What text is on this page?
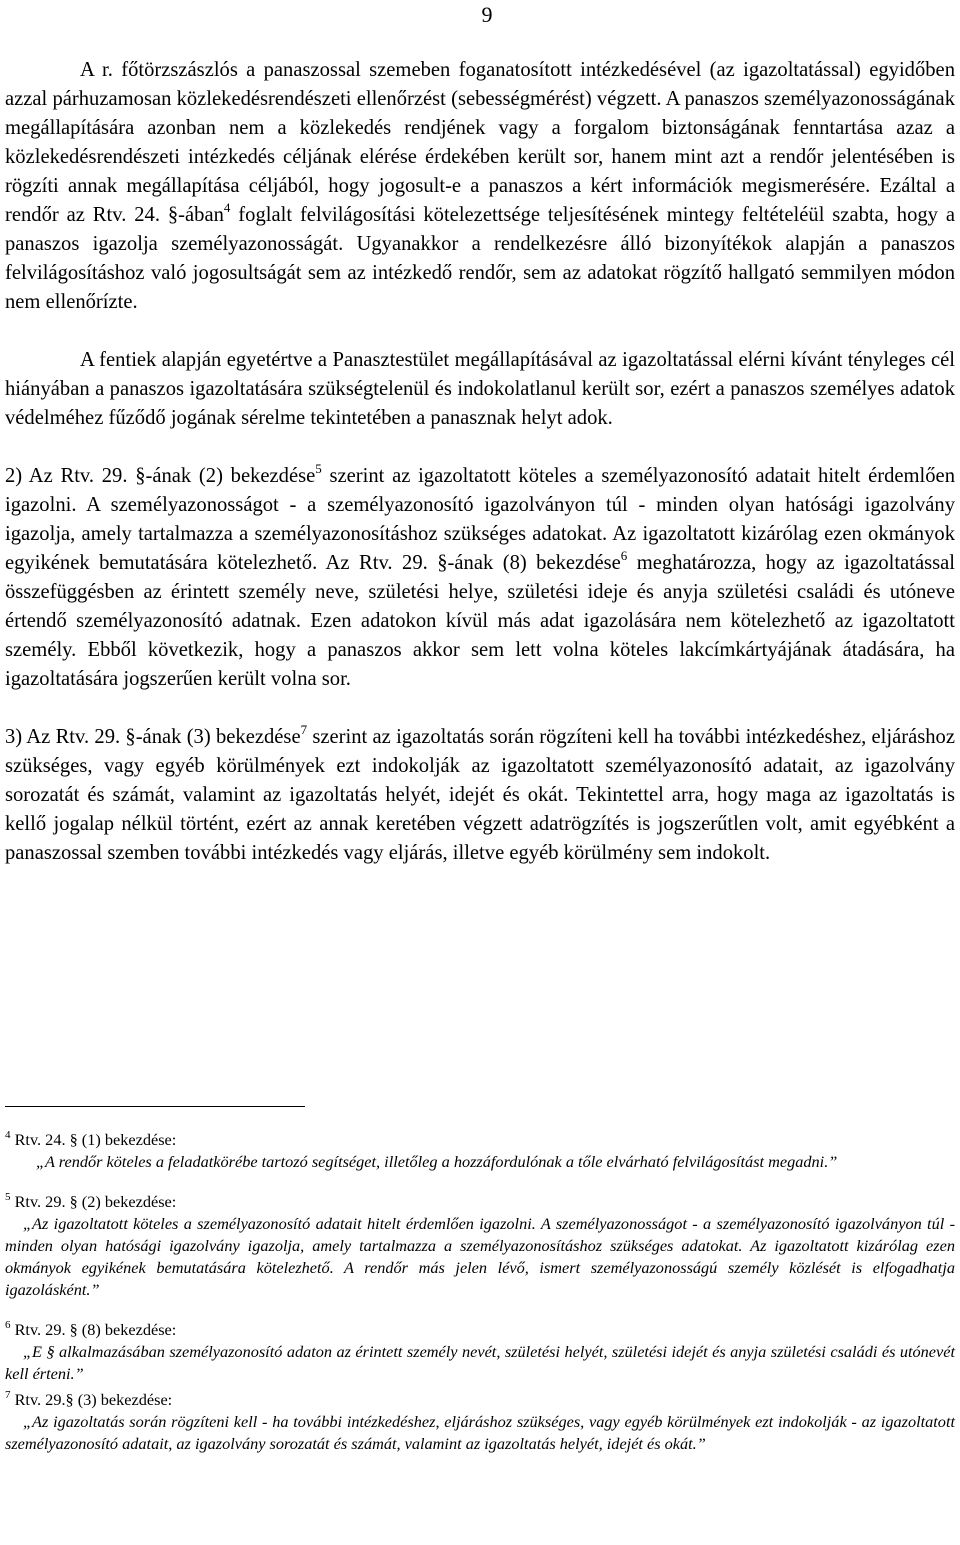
9

A r. főtörzszászlós a panaszossal szemeben foganatosított intézkedésével (az igazoltatással) egyidőben azzal párhuzamosan közlekedésrendészeti ellenőrzést (sebességmérést) végzett. A panaszos személyazonosságának megállapítására azonban nem a közlekedés rendjének vagy a forgalom biztonságának fenntartása azaz a közlekedésrendészeti intézkedés céljának elérése érdekében került sor, hanem mint azt a rendőr jelentésében is rögzíti annak megállapítása céljából, hogy jogosult-e a panaszos a kért információk megismerésére. Ezáltal a rendőr az Rtv. 24. §-ában$^4$ foglalt felvilágosítási kötelezettsége teljesítésének mintegy feltételéül szabta, hogy a panaszos igazolja személyazonosságát. Ugyanakkor a rendelkezésre álló bizonyítékok alapján a panaszos felvilágosításhoz való jogosultságát sem az intézkedő rendőr, sem az adatokat rögzítő hallgató semmilyen módon nem ellenőrízte.

A fentiek alapján egyetértve a Panasztestület megállapításával az igazoltatással elérni kívánt tényleges cél hiányában a panaszos igazoltatására szükségtelenül és indokolatlanul került sor, ezért a panaszos személyes adatok védelméhez fűződő jogának sérelme tekintetében a panasznak helyt adok.

2) Az Rtv. 29. §-ának (2) bekezdése$^5$ szerint az igazoltatott köteles a személyazonosító adatait hitelt érdemlően igazolni. A személyazonosságot - a személyazonosító igazolványon túl - minden olyan hatósági igazolvány igazolja, amely tartalmazza a személyazonosításhoz szükséges adatokat. Az igazoltatott kizárólag ezen okmányok egyikének bemutatására kötelezhető. Az Rtv. 29. §-ának (8) bekezdése$^6$ meghatározza, hogy az igazoltatással összefüggésben az érintett személy neve, születési helye, születési ideje és anyja születési családi és utóneve értendő személyazonosító adatnak. Ezen adatokon kívül más adat igazolására nem kötelezhető az igazoltatott személy. Ebből következik, hogy a panaszos akkor sem lett volna köteles lakcímkártyájának átadására, ha igazoltatására jogszerűen került volna sor.

3) Az Rtv. 29. §-ának (3) bekezdése$^7$ szerint az igazoltatás során rögzíteni kell ha további intézkedéshez, eljáráshoz szükséges, vagy egyéb körülmények ezt indokolják az igazoltatott személyazonosító adatait, az igazolvány sorozatát és számát, valamint az igazoltatás helyét, idejét és okát. Tekintettel arra, hogy maga az igazoltatás is kellő jogalap nélkül történt, ezért az annak keretében végzett adatrögzítés is jogszerűtlen volt, amit egyébként a panaszossal szemben további intézkedés vagy eljárás, illetve egyéb körülmény sem indokolt.

$^4$ Rtv. 24. § (1) bekezdése:

„A rendőr köteles a feladatkörébe tartozó segítséget, illetőleg a hozzáfordulónak a tőle elvárható felvilágosítást megadni.”

$^5$ Rtv. 29. § (2) bekezdése:

„Az igazoltatott köteles a személyazonosító adatait hitelt érdemlően igazolni. A személyazonosságot - a személyazonosító igazolványon túl - minden olyan hatósági igazolvány igazolja, amely tartalmazza a személyazonosításhoz szükséges adatokat. Az igazoltatott kizárólag ezen okmányok egyikének bemutatására kötelezhető. A rendőr más jelen lévő, ismert személyazonosságú személy közlését is elfogadhatja igazolásként.”

$^6$ Rtv. 29. § (8) bekezdése:

„E § alkalmazásában személyazonosító adaton az érintett személy nevét, születési helyét, születési idejét és anyja születési családi és utónevét kell érteni.”

$^7$ Rtv. 29.§ (3) bekezdése:

„Az igazoltatás során rögzíteni kell - ha további intézkedéshez, eljáráshoz szükséges, vagy egyéb körülmények ezt indokolják - az igazoltatott személyazonosító adatait, az igazolvány sorozatát és számát, valamint az igazoltatás helyét, idejét és okát.”
